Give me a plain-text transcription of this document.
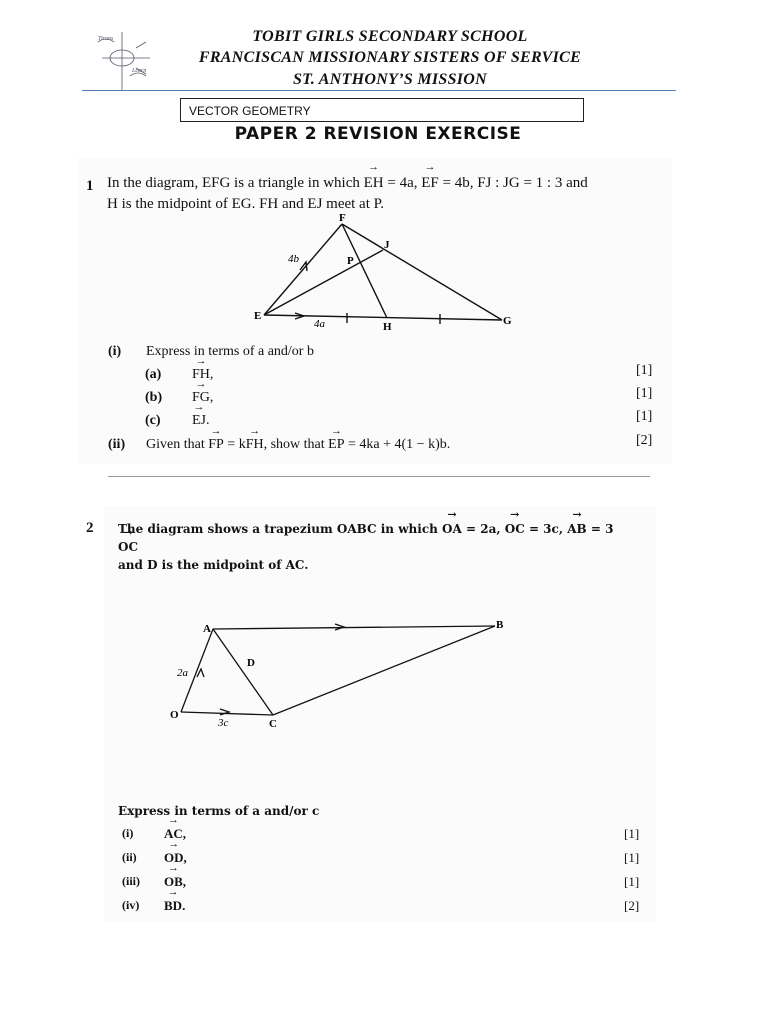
Tirans
Learn
TOBIT GIRLS SECONDARY SCHOOL
FRANCISCAN MISSIONARY SISTERS OF SERVICE
ST. ANTHONY’S MISSION
VECTOR GEOMETRY
PAPER 2 REVISION EXERCISE
1 In the diagram, EFG is a triangle in which → EH = 4a, → EF = 4b, FJ : JG = 1 : 3 and
H is the midpoint of EG. FH and EJ meet at P.
F
J
P
E
H	G
4b
4a
(i) Express in terms of a and/or b
(a) → FH,	[1]
(b) → FG,	[1]
(c) → EJ.	[1]
(ii) Given that → FP = k→ FH, show that → EP = 4ka + 4(1 − k)b.	[2]
2 The diagram shows a trapezium OABC in which → OA = 2a, → OC = 3c, → AB = 3→ OC
and D is the midpoint of AC.
A	B
D
O
C
2a
3c
Express in terms of a and/or c
(i) → AC,	[1]
(ii) → OD,	[1]
(iii) → OB,	[1]
(iv) → BD.	[2]
